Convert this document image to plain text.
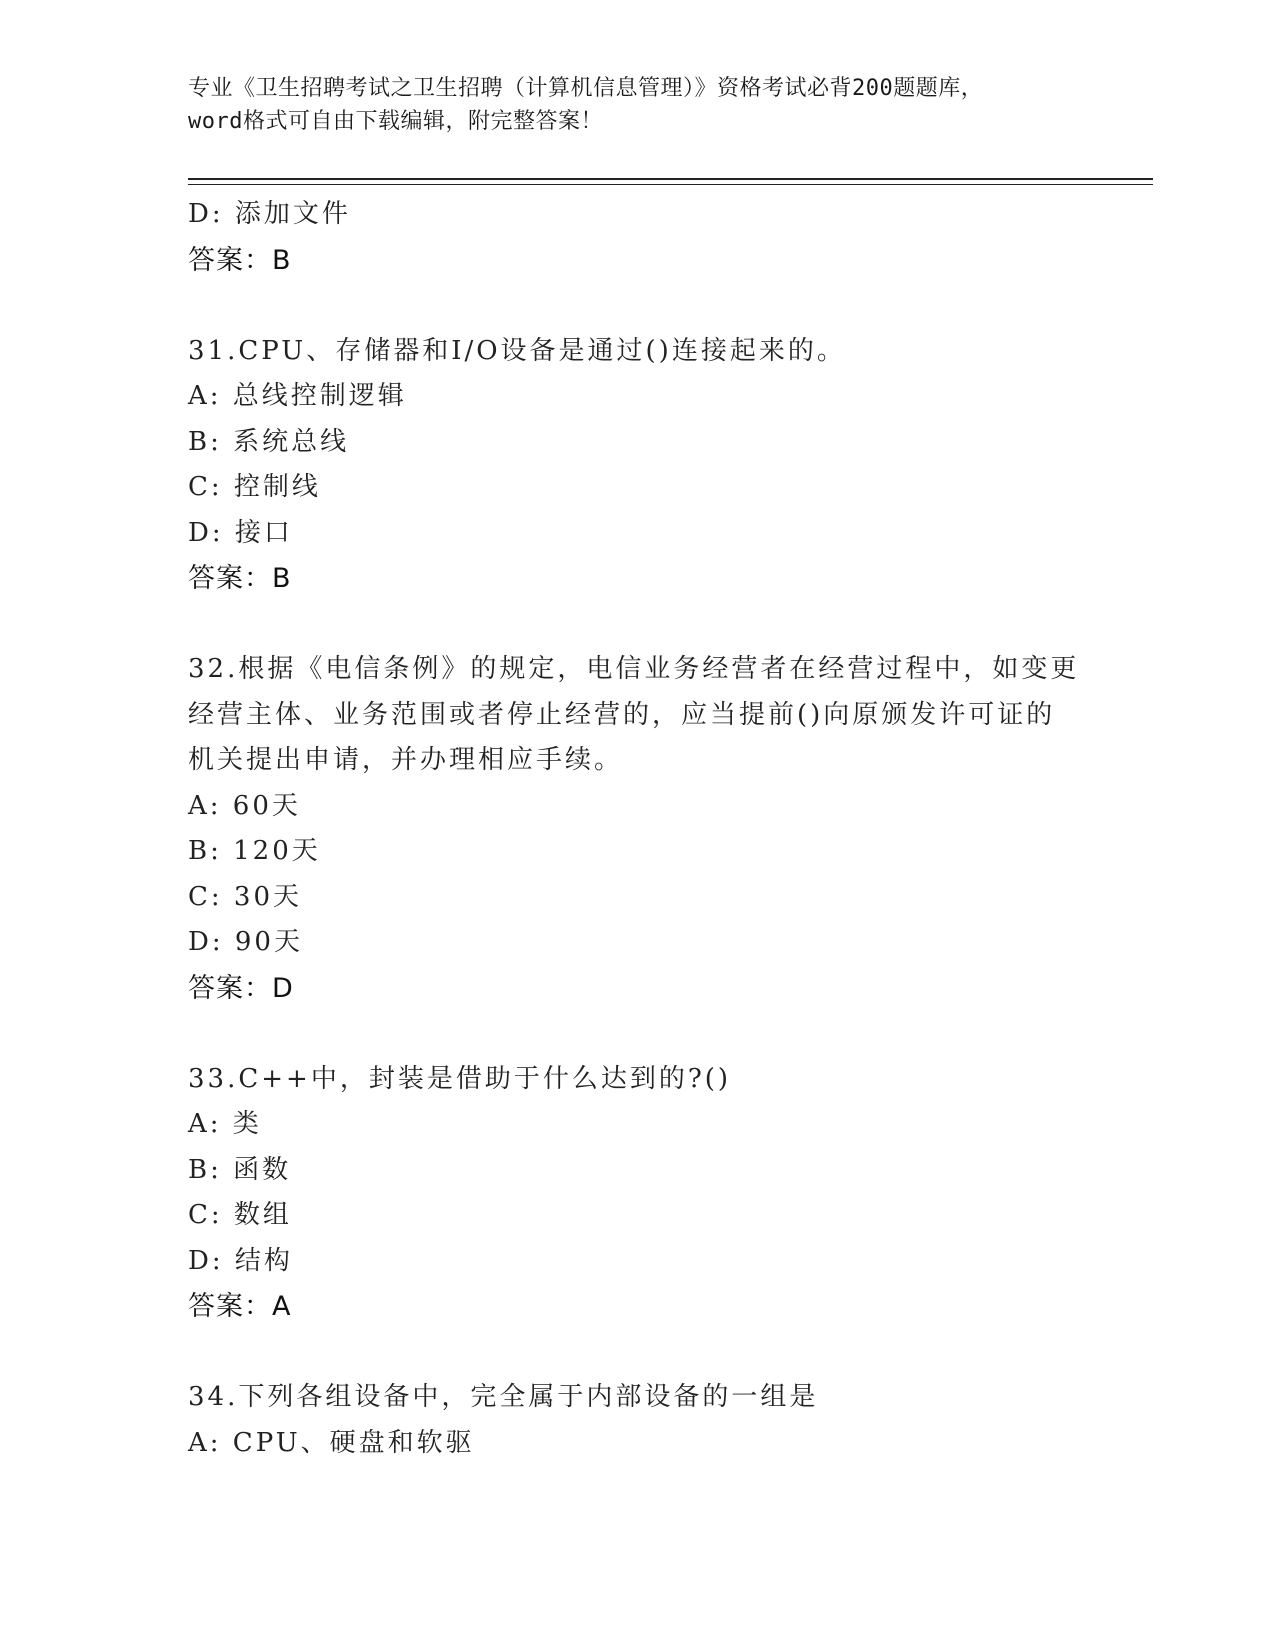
专业《卫生招聘考试之卫生招聘（计算机信息管理）》资格考试必背200题题库，
word格式可自由下载编辑，附完整答案！
D: 添加文件
答案：B
31.CPU、存储器和I/O设备是通过()连接起来的。
A: 总线控制逻辑
B: 系统总线
C: 控制线
D: 接口
答案：B
32.根据《电信条例》的规定，电信业务经营者在经营过程中，如变更
经营主体、业务范围或者停止经营的，应当提前()向原颁发许可证的
机关提出申请，并办理相应手续。
A: 60天
B: 120天
C: 30天
D: 90天
答案：D
33.C++中，封装是借助于什么达到的?()
A: 类
B: 函数
C: 数组
D: 结构
答案：A
34.下列各组设备中，完全属于内部设备的一组是
A: CPU、硬盘和软驱
